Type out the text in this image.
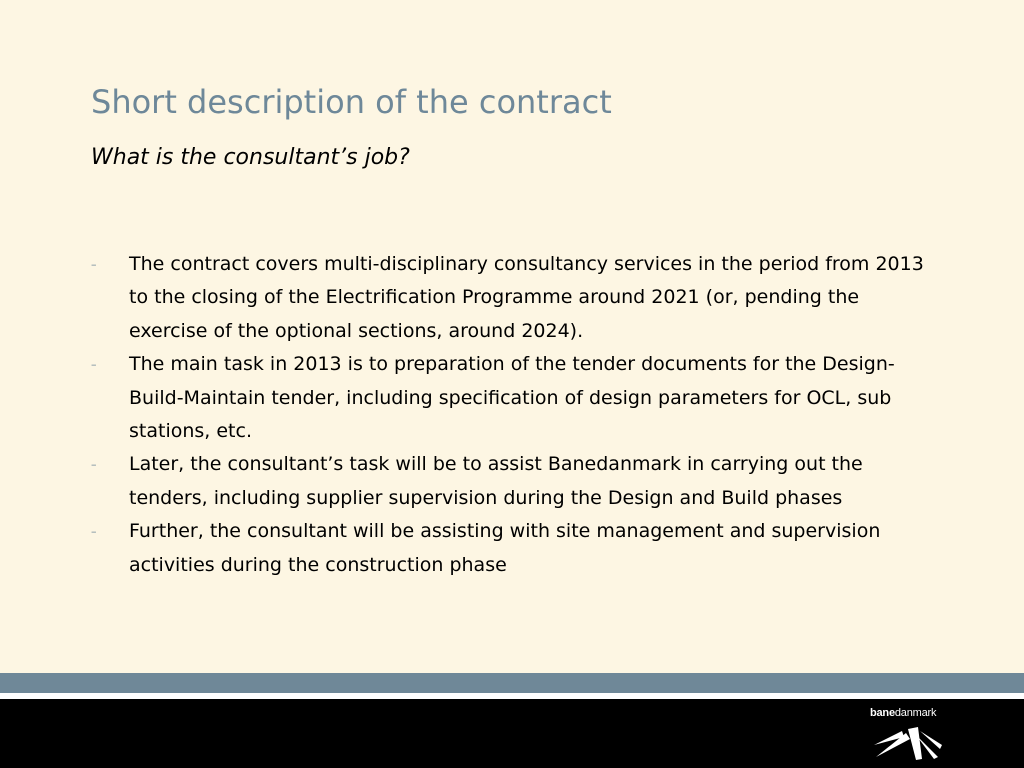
Short description of the contract
What is the consultant’s job?
– The contract covers multi-disciplinary consultancy services in the period from 2013 to the closing of the Electrification Programme around 2021 (or, pending the exercise of the optional sections, around 2024).
– The main task in 2013 is to preparation of the tender documents for the Design-Build-Maintain tender, including specification of design parameters for OCL, sub stations, etc.
– Later, the consultant’s task will be to assist Banedanmark in carrying out the tenders, including supplier supervision during the Design and Build phases
– Further, the consultant will be assisting with site management and supervision activities during the construction phase
banedanmark
